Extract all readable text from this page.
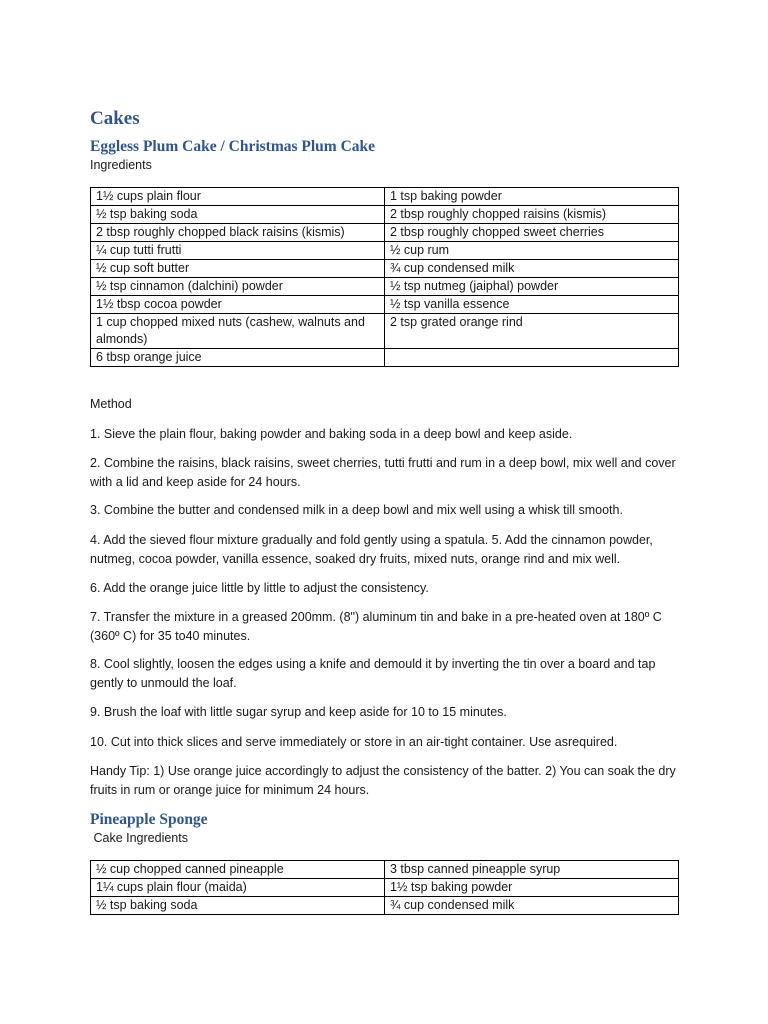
Cakes
Eggless Plum Cake / Christmas Plum Cake
Ingredients
1½ cups plain flour	1 tsp baking powder
½ tsp baking soda	2 tbsp roughly chopped raisins (kismis)
2 tbsp roughly chopped black raisins (kismis)	2 tbsp roughly chopped sweet cherries
¼ cup tutti frutti	½ cup rum
½ cup soft butter	¾ cup condensed milk
½ tsp cinnamon (dalchini) powder	½ tsp nutmeg (jaiphal) powder
1½ tbsp cocoa powder	½ tsp vanilla essence
1 cup chopped mixed nuts (cashew, walnuts and almonds)	2 tsp grated orange rind
6 tbsp orange juice	
Method

1. Sieve the plain flour, baking powder and baking soda in a deep bowl and keep aside.

2. Combine the raisins, black raisins, sweet cherries, tutti frutti and rum in a deep bowl, mix well and cover with a lid and keep aside for 24 hours.

3. Combine the butter and condensed milk in a deep bowl and mix well using a whisk till smooth.

4. Add the sieved flour mixture gradually and fold gently using a spatula. 5. Add the cinnamon powder, nutmeg, cocoa powder, vanilla essence, soaked dry fruits, mixed nuts, orange rind and mix well.

6. Add the orange juice little by little to adjust the consistency.

7. Transfer the mixture in a greased 200mm. (8") aluminum tin and bake in a pre-heated oven at 180º C (360º C) for 35 to40 minutes.

8. Cool slightly, loosen the edges using a knife and demould it by inverting the tin over a board and tap gently to unmould the loaf.

9. Brush the loaf with little sugar syrup and keep aside for 10 to 15 minutes.

10. Cut into thick slices and serve immediately or store in an air-tight container. Use asrequired.

Handy Tip: 1) Use orange juice accordingly to adjust the consistency of the batter. 2) You can soak the dry fruits in rum or orange juice for minimum 24 hours.

Pineapple Sponge
Cake Ingredients
½ cup chopped canned pineapple	3 tbsp canned pineapple syrup
1¼ cups plain flour (maida)	1½ tsp baking powder
½ tsp baking soda	¾ cup condensed milk
